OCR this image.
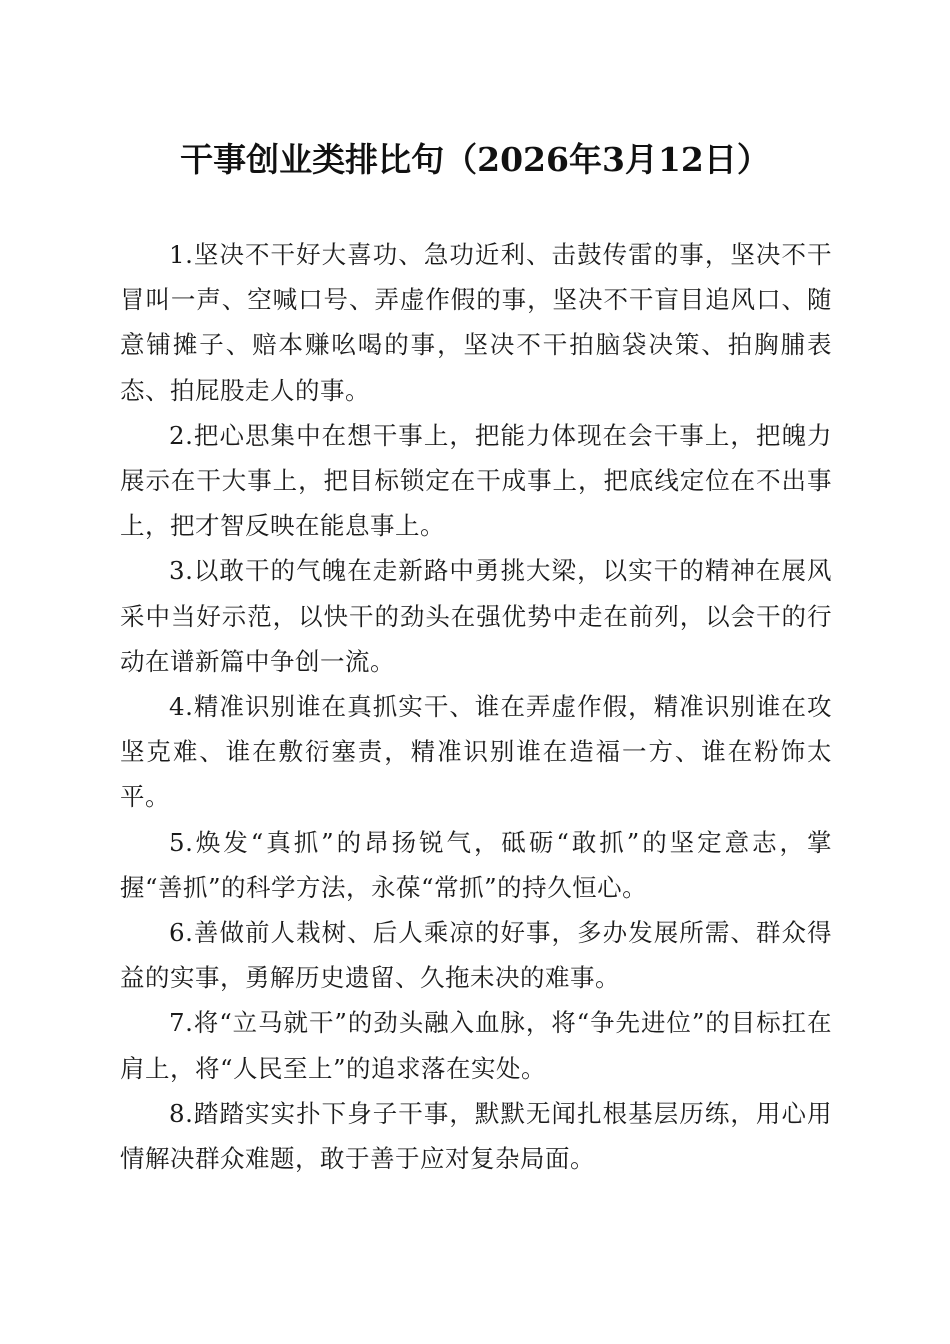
干事创业类排比句（2026年3月12日）

1.坚决不干好大喜功、急功近利、击鼓传雷的事，坚决不干冒叫一声、空喊口号、弄虚作假的事，坚决不干盲目追风口、随意铺摊子、赔本赚吆喝的事，坚决不干拍脑袋决策、拍胸脯表态、拍屁股走人的事。

2.把心思集中在想干事上，把能力体现在会干事上，把魄力展示在干大事上，把目标锁定在干成事上，把底线定位在不出事上，把才智反映在能息事上。

3.以敢干的气魄在走新路中勇挑大梁，以实干的精神在展风采中当好示范，以快干的劲头在强优势中走在前列，以会干的行动在谱新篇中争创一流。

4.精准识别谁在真抓实干、谁在弄虚作假，精准识别谁在攻坚克难、谁在敷衍塞责，精准识别谁在造福一方、谁在粉饰太平。

5.焕发“真抓”的昂扬锐气，砥砺“敢抓”的坚定意志，掌握“善抓”的科学方法，永葆“常抓”的持久恒心。

6.善做前人栽树、后人乘凉的好事，多办发展所需、群众得益的实事，勇解历史遗留、久拖未决的难事。

7.将“立马就干”的劲头融入血脉，将“争先进位”的目标扛在肩上，将“人民至上”的追求落在实处。

8.踏踏实实扑下身子干事，默默无闻扎根基层历练，用心用情解决群众难题，敢于善于应对复杂局面。
